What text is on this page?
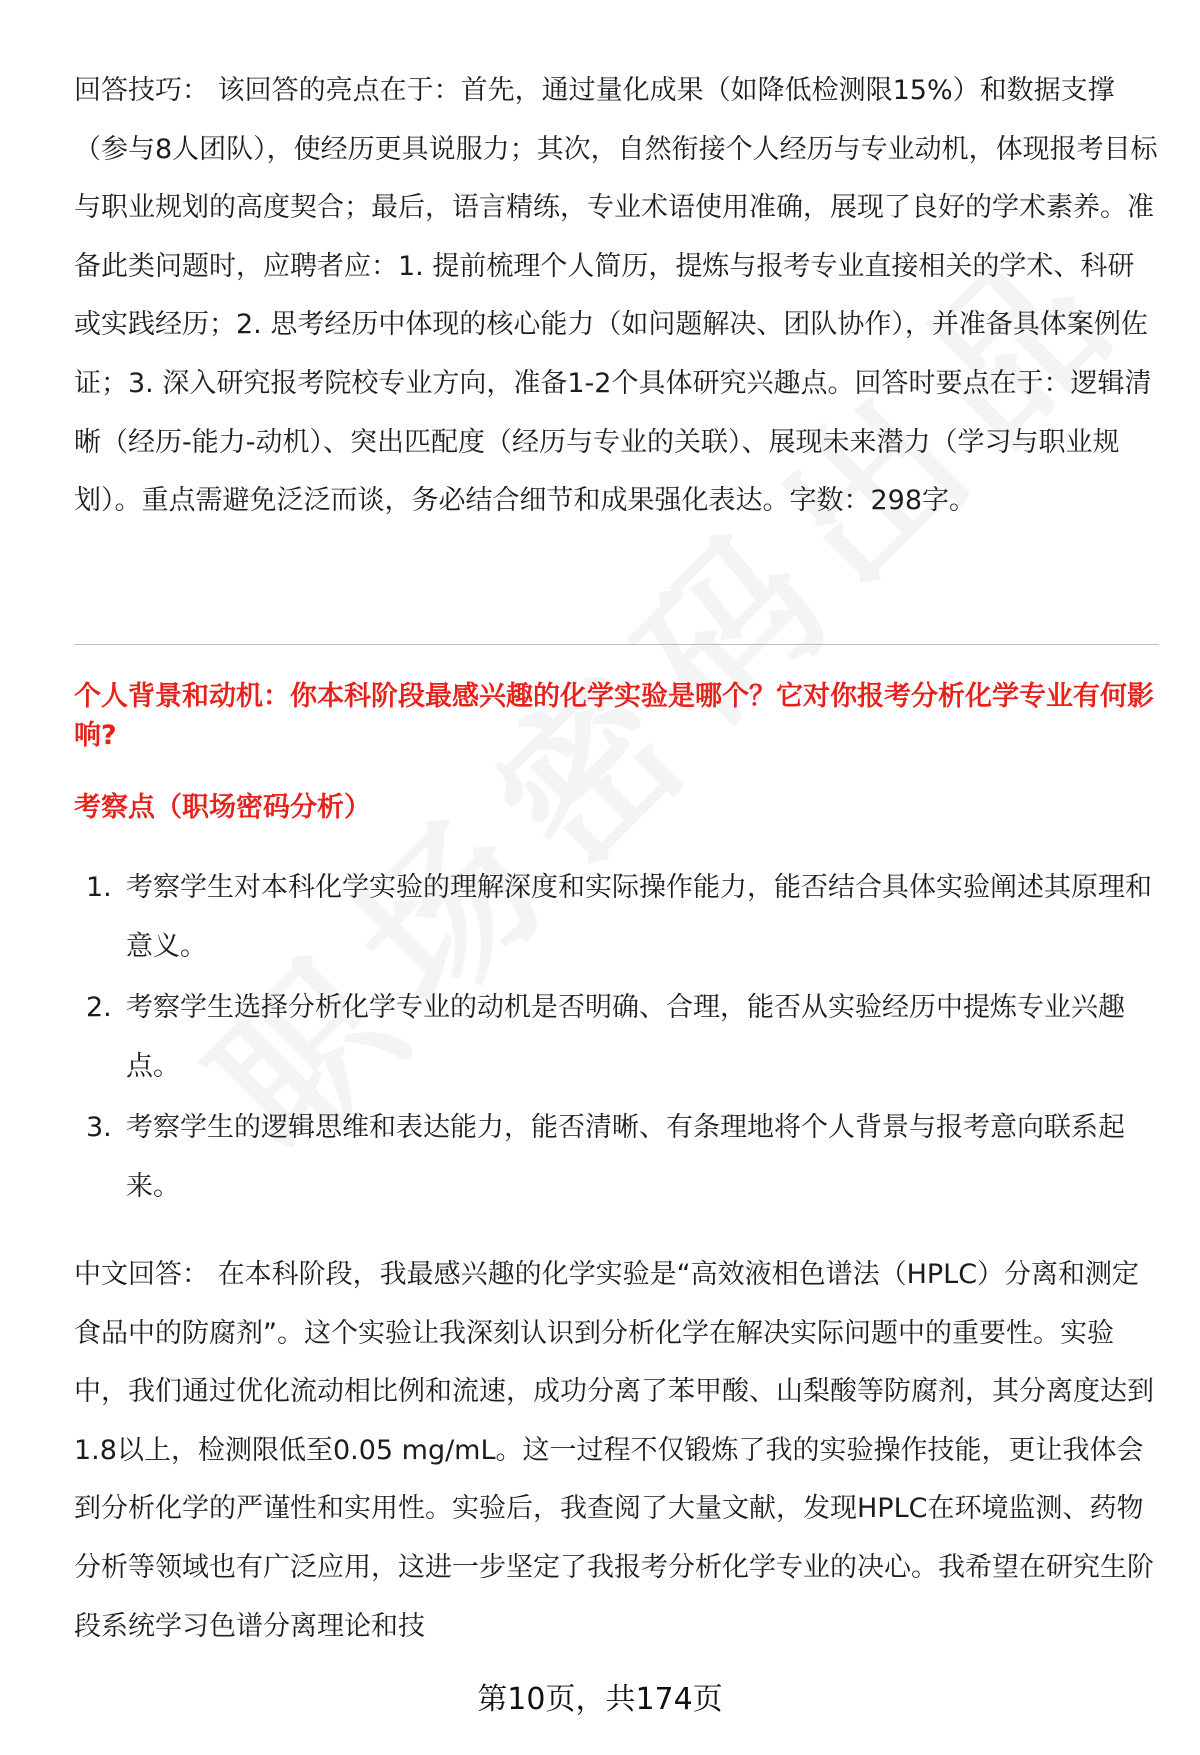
回答技巧： 该回答的亮点在于：首先，通过量化成果（如降低检测限15%）和数据支撑（参与8人团队），使经历更具说服力；其次，自然衔接个人经历与专业动机，体现报考目标与职业规划的高度契合；最后，语言精练，专业术语使用准确，展现了良好的学术素养。准备此类问题时，应聘者应：1. 提前梳理个人简历，提炼与报考专业直接相关的学术、科研或实践经历；2. 思考经历中体现的核心能力（如问题解决、团队协作），并准备具体案例佐证；3. 深入研究报考院校专业方向，准备1-2个具体研究兴趣点。回答时要点在于：逻辑清晰（经历-能力-动机）、突出匹配度（经历与专业的关联）、展现未来潜力（学习与职业规划）。重点需避免泛泛而谈，务必结合细节和成果强化表达。字数：298字。

个人背景和动机：你本科阶段最感兴趣的化学实验是哪个？它对你报考分析化学专业有何影响?

考察点（职场密码分析）

1. 考察学生对本科化学实验的理解深度和实际操作能力，能否结合具体实验阐述其原理和意义。
2. 考察学生选择分析化学专业的动机是否明确、合理，能否从实验经历中提炼专业兴趣点。
3. 考察学生的逻辑思维和表达能力，能否清晰、有条理地将个人背景与报考意向联系起来。

中文回答： 在本科阶段，我最感兴趣的化学实验是“高效液相色谱法（HPLC）分离和测定食品中的防腐剂”。这个实验让我深刻认识到分析化学在解决实际问题中的重要性。实验中，我们通过优化流动相比例和流速，成功分离了苯甲酸、山梨酸等防腐剂，其分离度达到1.8以上，检测限低至0.05 mg/mL。这一过程不仅锻炼了我的实验操作技能，更让我体会到分析化学的严谨性和实用性。实验后，我查阅了大量文献，发现HPLC在环境监测、药物分析等领域也有广泛应用，这进一步坚定了我报考分析化学专业的决心。我希望在研究生阶段系统学习色谱分离理论和技

第10页，共174页
